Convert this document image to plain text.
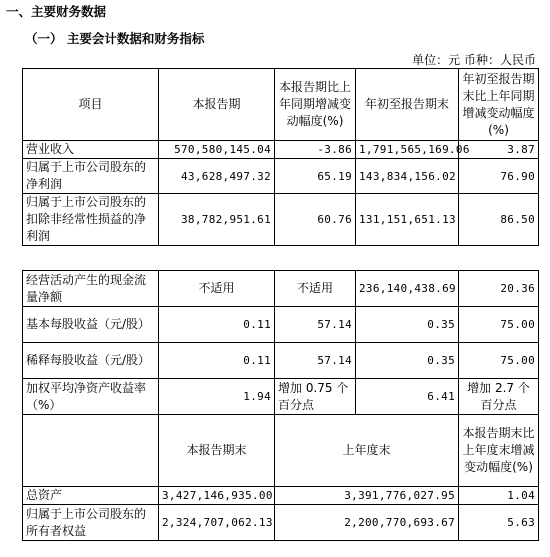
一、主要财务数据
（一） 主要会计数据和财务指标
单位：元 币种：人民币
项目	本报告期	本报告期比上年同期增减变动幅度(%)	年初至报告期末	年初至报告期末比上年同期增减变动幅度(%)
营业收入	570,580,145.04	-3.86	1,791,565,169.06	3.87
归属于上市公司股东的净利润	43,628,497.32	65.19	143,834,156.02	76.90
归属于上市公司股东的扣除非经常性损益的净利润	38,782,951.61	60.76	131,151,651.13	86.50
经营活动产生的现金流量净额	不适用	不适用	236,140,438.69	20.36
基本每股收益（元/股）	0.11	57.14	0.35	75.00
稀释每股收益（元/股）	0.11	57.14	0.35	75.00
加权平均净资产收益率（%）	1.94	增加 0.75 个百分点	6.41	增加 2.7 个百分点
	本报告期末	上年度末		本报告期末比上年度末增减变动幅度(%)
总资产	3,427,146,935.00	3,391,776,027.95		1.04
归属于上市公司股东的所有者权益	2,324,707,062.13	2,200,770,693.67		5.63
